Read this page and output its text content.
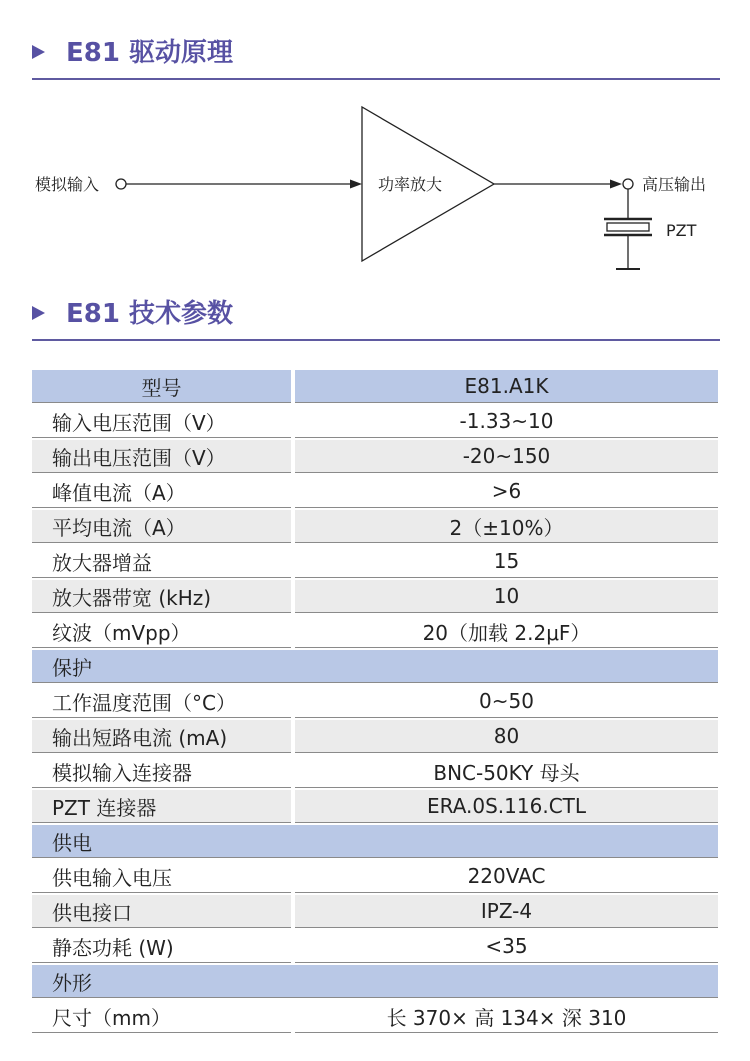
E81 驱动原理
模拟输入	功率放大	高压输出
PZT
E81 技术参数
型号		E81.A1K
输入电压范围（V）		-1.33~10
输出电压范围（V）		-20~150
峰值电流（A）		>6
平均电流（A）		2（±10%）
放大器增益		15
放大器带宽 (kHz)		10
纹波（mVpp）		20（加载 2.2μF）
保护		
工作温度范围（°C）		0~50
输出短路电流 (mA)		80
模拟输入连接器		BNC-50KY 母头
PZT 连接器		ERA.0S.116.CTL
供电		
供电输入电压		220VAC
供电接口		IPZ-4
静态功耗 (W)		<35
外形		
尺寸（mm）		长 370× 高 134× 深 310
